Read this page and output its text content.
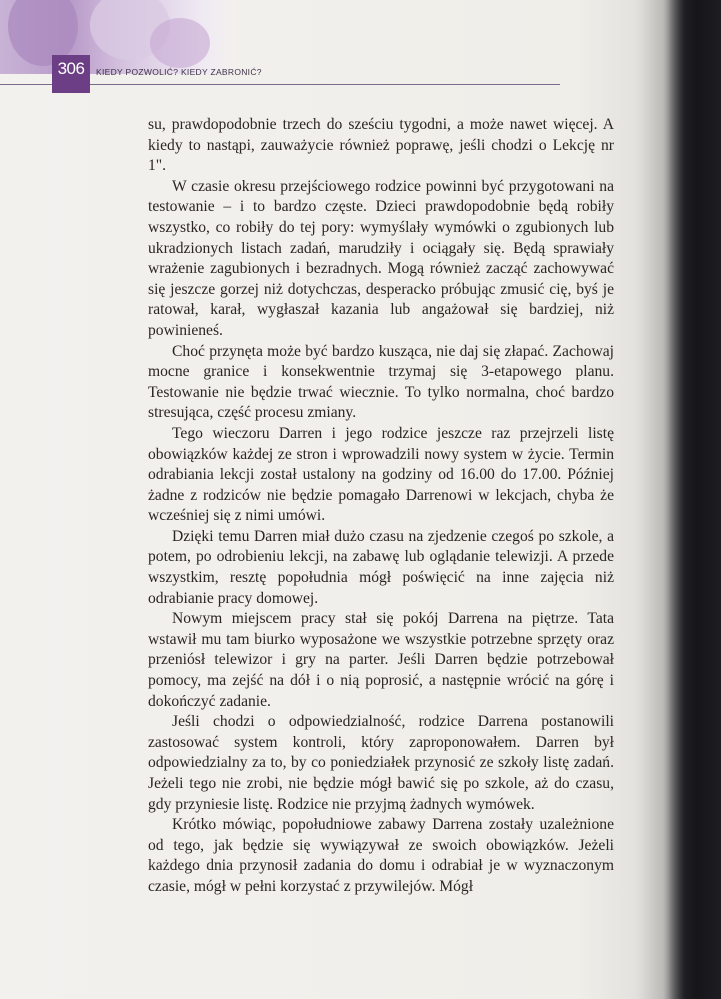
306	KIEDY POZWOLIĆ? KIEDY ZABRONIĆ?

su, prawdopodobnie trzech do sześciu tygodni, a może nawet więcej. A kiedy to nastąpi, zauważycie również poprawę, jeśli chodzi o Lekcję nr 1".

W czasie okresu przejściowego rodzice powinni być przygotowani na testowanie – i to bardzo częste. Dzieci prawdopodobnie będą robiły wszystko, co robiły do tej pory: wymyślały wymówki o zgubionych lub ukradzionych listach zadań, marudziły i ociągały się. Będą sprawiały wrażenie zagubionych i bezradnych. Mogą również zacząć zachowywać się jeszcze gorzej niż dotychczas, desperacko próbując zmusić cię, byś je ratował, karał, wygłaszał kazania lub angażował się bardziej, niż powinieneś.

Choć przynęta może być bardzo kusząca, nie daj się złapać. Zachowaj mocne granice i konsekwentnie trzymaj się 3-etapowego planu. Testowanie nie będzie trwać wiecznie. To tylko normalna, choć bardzo stresująca, część procesu zmiany.

Tego wieczoru Darren i jego rodzice jeszcze raz przejrzeli listę obowiązków każdej ze stron i wprowadzili nowy system w życie. Termin odrabiania lekcji został ustalony na godziny od 16.00 do 17.00. Później żadne z rodziców nie będzie pomagało Darrenowi w lekcjach, chyba że wcześniej się z nimi umówi.

Dzięki temu Darren miał dużo czasu na zjedzenie czegoś po szkole, a potem, po odrobieniu lekcji, na zabawę lub oglądanie telewizji. A przede wszystkim, resztę popołudnia mógł poświęcić na inne zajęcia niż odrabianie pracy domowej.

Nowym miejscem pracy stał się pokój Darrena na piętrze. Tata wstawił mu tam biurko wyposażone we wszystkie potrzebne sprzęty oraz przeniósł telewizor i gry na parter. Jeśli Darren będzie potrzebował pomocy, ma zejść na dół i o nią poprosić, a następnie wrócić na górę i dokończyć zadanie.

Jeśli chodzi o odpowiedzialność, rodzice Darrena postanowili zastosować system kontroli, który zaproponowałem. Darren był odpowiedzialny za to, by co poniedziałek przynosić ze szkoły listę zadań. Jeżeli tego nie zrobi, nie będzie mógł bawić się po szkole, aż do czasu, gdy przyniesie listę. Rodzice nie przyjmą żadnych wymówek.

Krótko mówiąc, popołudniowe zabawy Darrena zostały uzależnione od tego, jak będzie się wywiązywał ze swoich obowiązków. Jeżeli każdego dnia przynosił zadania do domu i odrabiał je w wyznaczonym czasie, mógł w pełni korzystać z przywilejów. Mógł
